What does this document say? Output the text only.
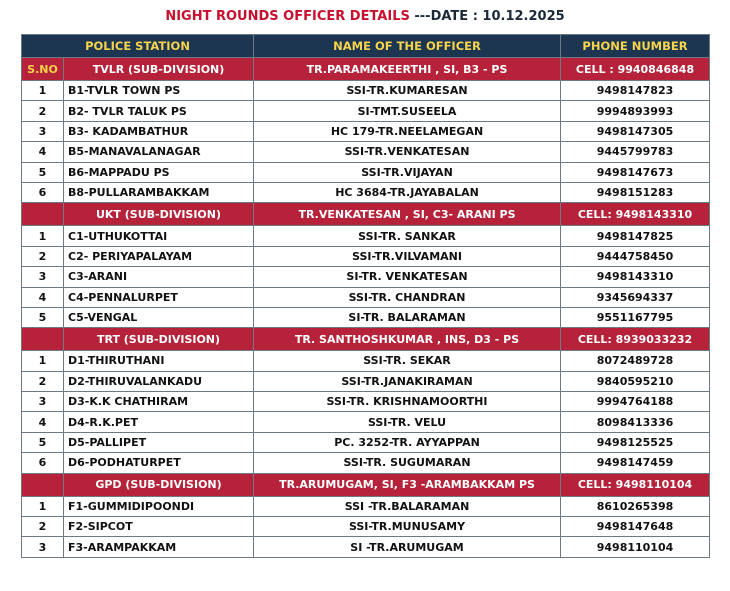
NIGHT ROUNDS OFFICER DETAILS ---DATE : 10.12.2025
POLICE STATION		NAME OF THE OFFICER	PHONE NUMBER
S.NO	TVLR (SUB-DIVISION)	TR.PARAMAKEERTHI , SI, B3 - PS	CELL : 9940846848
1	B1-TVLR TOWN PS	SSI-TR.KUMARESAN	9498147823
2	B2- TVLR TALUK PS	SI-TMT.SUSEELA	9994893993
3	B3- KADAMBATHUR	HC 179-TR.NEELAMEGAN	9498147305
4	B5-MANAVALANAGAR	SSI-TR.VENKATESAN	9445799783
5	B6-MAPPADU PS	SSI-TR.VIJAYAN	9498147673
6	B8-PULLARAMBAKKAM	HC 3684-TR.JAYABALAN	9498151283
	UKT (SUB-DIVISION)	TR.VENKATESAN , SI, C3- ARANI PS	CELL: 9498143310
1	C1-UTHUKOTTAI	SSI-TR. SANKAR	9498147825
2	C2- PERIYAPALAYAM	SSI-TR.VILVAMANI	9444758450
3	C3-ARANI	SI-TR. VENKATESAN	9498143310
4	C4-PENNALURPET	SSI-TR. CHANDRAN	9345694337
5	C5-VENGAL	SI-TR. BALARAMAN	9551167795
	TRT (SUB-DIVISION)	TR. SANTHOSHKUMAR , INS, D3 - PS	CELL: 8939033232
1	D1-THIRUTHANI	SSI-TR. SEKAR	8072489728
2	D2-THIRUVALANKADU	SSI-TR.JANAKIRAMAN	9840595210
3	D3-K.K CHATHIRAM	SSI-TR. KRISHNAMOORTHI	9994764188
4	D4-R.K.PET	SSI-TR. VELU	8098413336
5	D5-PALLIPET	PC. 3252-TR. AYYAPPAN	9498125525
6	D6-PODHATURPET	SSI-TR. SUGUMARAN	9498147459
	GPD (SUB-DIVISION)	TR.ARUMUGAM, SI, F3 -ARAMBAKKAM PS	CELL: 9498110104
1	F1-GUMMIDIPOONDI	SSI -TR.BALARAMAN	8610265398
2	F2-SIPCOT	SSI-TR.MUNUSAMY	9498147648
3	F3-ARAMPAKKAM	SI -TR.ARUMUGAM	9498110104
